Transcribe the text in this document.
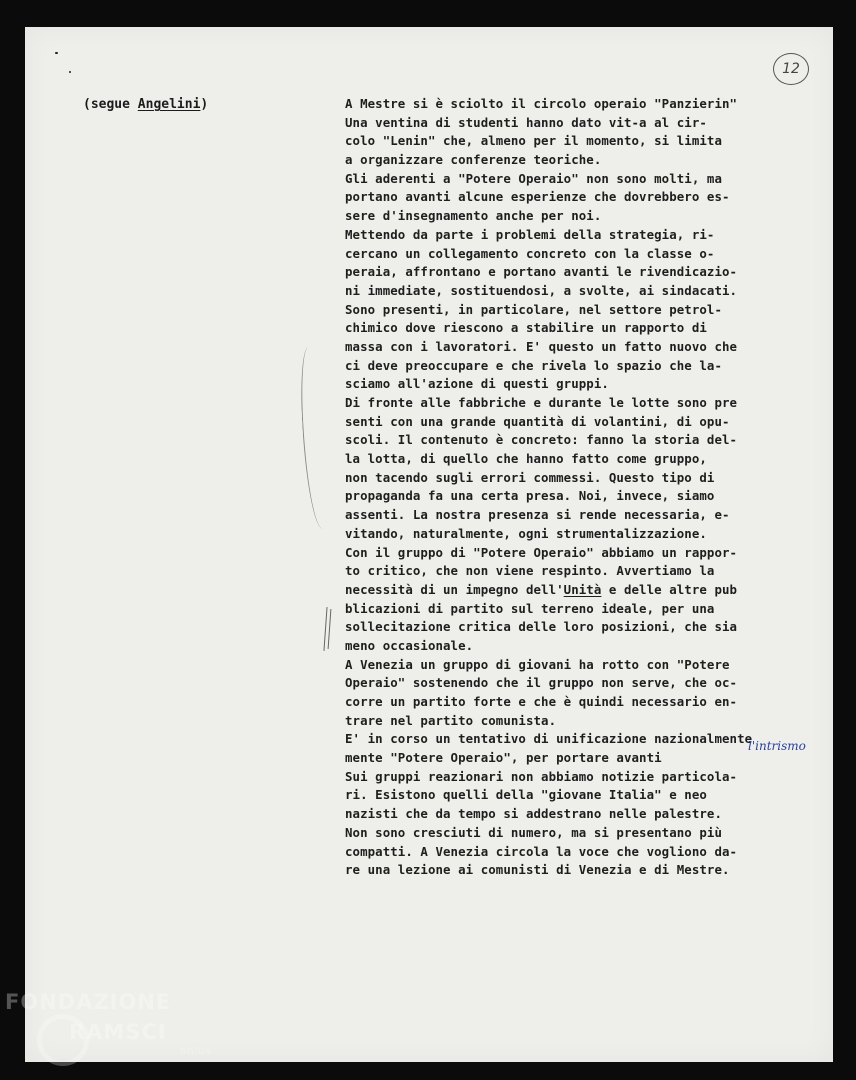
12
(segue Angelini)	A Mestre si è sciolto il circolo operaio "Panzierin"
Una ventina di studenti hanno dato vit-a al cir-
colo "Lenin" che, almeno per il momento, si limita
a organizzare conferenze teoriche.
Gli aderenti a "Potere Operaio" non sono molti, ma
portano avanti alcune esperienze che dovrebbero es-
sere d'insegnamento anche per noi.
Mettendo da parte i problemi della strategia, ri-
cercano un collegamento concreto con la classe o-
peraia, affrontano e portano avanti le rivendicazio-
ni immediate, sostituendosi, a svolte, ai sindacati.
Sono presenti, in particolare, nel settore petrol-
chimico dove riescono a stabilire un rapporto di
massa con i lavoratori. E' questo un fatto nuovo che
ci deve preoccupare e che rivela lo spazio che la-
sciamo all'azione di questi gruppi.
Di fronte alle fabbriche e durante le lotte sono pre
senti con una grande quantità di volantini, di opu-
scoli. Il contenuto è concreto: fanno la storia del-
la lotta, di quello che hanno fatto come gruppo,
non tacendo sugli errori commessi. Questo tipo di
propaganda fa una certa presa. Noi, invece, siamo
assenti. La nostra presenza si rende necessaria, e-
vitando, naturalmente, ogni strumentalizzazione.
Con il gruppo di "Potere Operaio" abbiamo un rappor-
to critico, che non viene respinto. Avvertiamo la
necessità di un impegno dell'Unità e delle altre pub
blicazioni di partito sul terreno ideale, per una
sollecitazione critica delle loro posizioni, che sia
meno occasionale.
A Venezia un gruppo di giovani ha rotto con "Potere
Operaio" sostenendo che il gruppo non serve, che oc-
corre un partito forte e che è quindi necessario en-
trare nel partito comunista.
E' in corso un tentativo di unificazione nazionalmente
mente "Potere Operaio", per portare avanti
Sui gruppi reazionari non abbiamo notizie particola-
ri. Esistono quelli della "giovane Italia" e neo
nazisti che da tempo si addestrano nelle palestre.
Non sono cresciuti di numero, ma si presentano più
compatti. A Venezia circola la voce che vogliono da-
re una lezione ai comunisti di Venezia e di Mestre.
l'intrismo
FONDAZIONE
RAMSCI
onlus
